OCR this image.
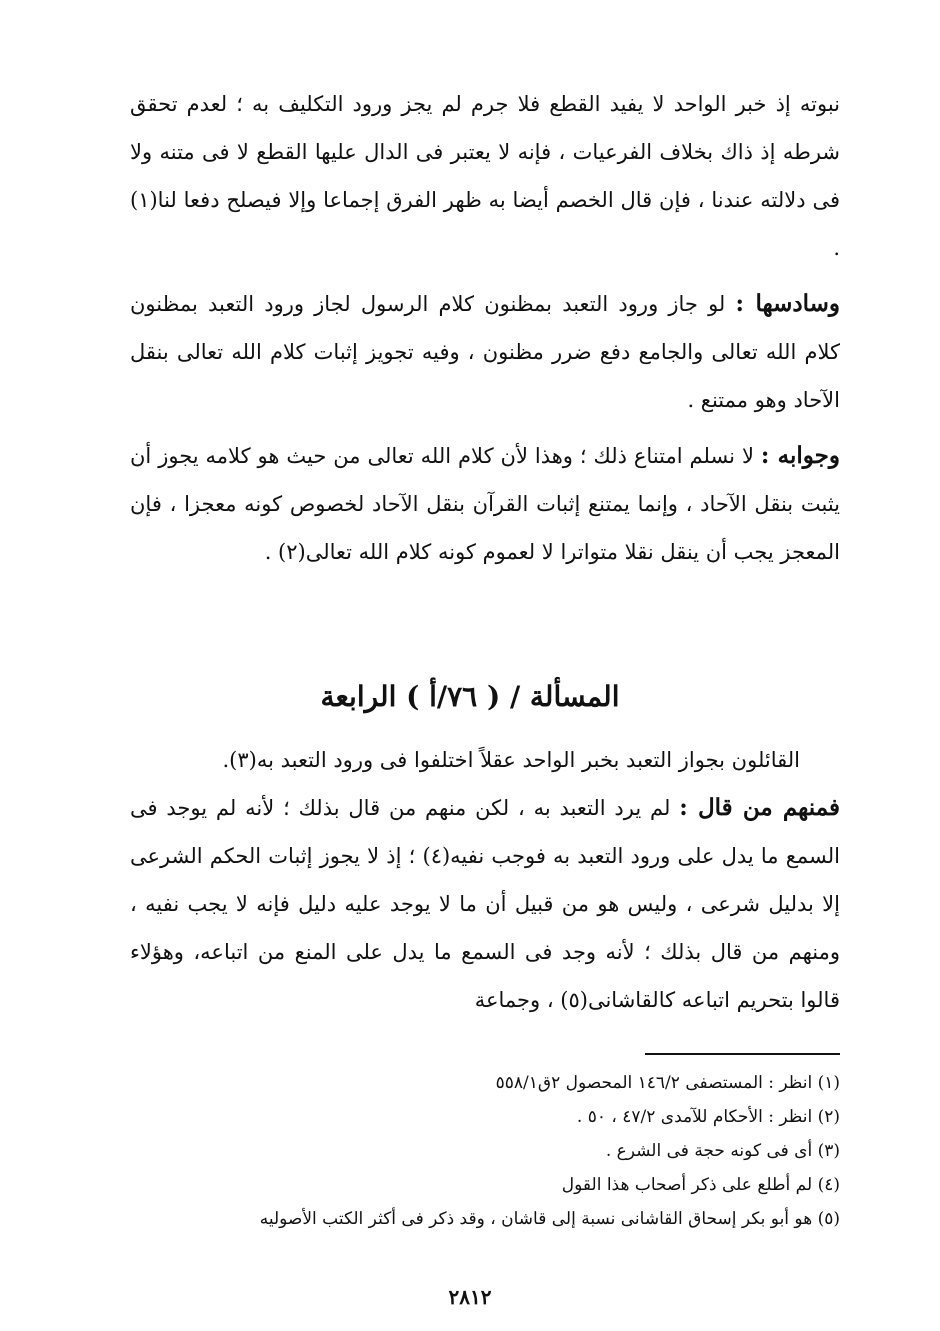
نبوته إذ خبر الواحد لا يفيد القطع فلا جرم لم يجز ورود التكليف به ؛ لعدم تحقق شرطه إذ ذاك بخلاف الفرعيات ، فإنه لا يعتبر فى الدال عليها القطع لا فى متنه ولا فى دلالته عندنا ، فإن قال الخصم أيضا به ظهر الفرق إجماعا وإلا فيصلح دفعا لنا(١) .

وسادسها : لو جاز ورود التعبد بمظنون كلام الرسول لجاز ورود التعبد بمظنون كلام الله تعالى والجامع دفع ضرر مظنون ، وفيه تجويز إثبات كلام الله تعالى بنقل الآحاد وهو ممتنع .

وجوابه : لا نسلم امتناع ذلك ؛ وهذا لأن كلام الله تعالى من حيث هو كلامه يجوز أن يثبت بنقل الآحاد ، وإنما يمتنع إثبات القرآن بنقل الآحاد لخصوص كونه معجزا ، فإن المعجز يجب أن ينقل نقلا متواترا لا لعموم كونه كلام الله تعالى(٢) .

المسألة / ( ٧٦/أ ) الرابعة

القائلون بجواز التعبد بخبر الواحد عقلاً اختلفوا فى ورود التعبد به(٣).

فمنهم من قال : لم يرد التعبد به ، لكن منهم من قال بذلك ؛ لأنه لم يوجد فى السمع ما يدل على ورود التعبد به فوجب نفيه(٤) ؛ إذ لا يجوز إثبات الحكم الشرعى إلا بدليل شرعى ، وليس هو من قبيل أن ما لا يوجد عليه دليل فإنه لا يجب نفيه ، ومنهم من قال بذلك ؛ لأنه وجد فى السمع ما يدل على المنع من اتباعه، وهؤلاء قالوا بتحريم اتباعه كالقاشانى(٥) ، وجماعة

(١) انظر : المستصفى ١٤٦/٢ المحصول ٢ق٥٥٨/١
(٢) انظر : الأحكام للآمدى ٤٧/٢ ، ٥٠ .
(٣) أى فى كونه حجة فى الشرع .
(٤) لم أطلع على ذكر أصحاب هذا القول
(٥) هو أبو بكر إسحاق القاشانى نسبة إلى قاشان ، وقد ذكر فى أكثر الكتب الأصوليه
٢٨١٢
